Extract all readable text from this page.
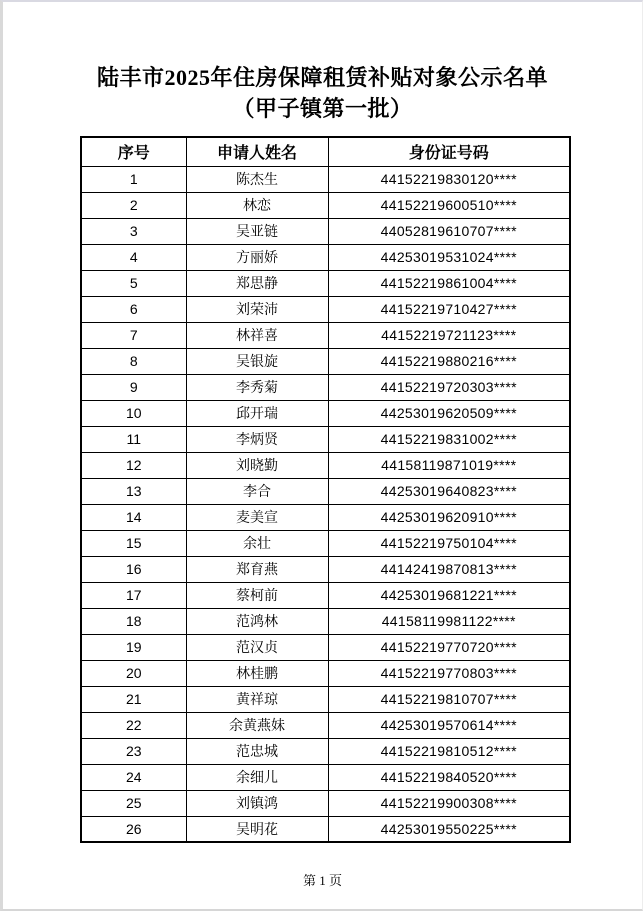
陆丰市2025年住房保障租赁补贴对象公示名单
（甲子镇第一批）
序号	申请人姓名	身份证号码
1	陈杰生	44152219830120****
2	林恋	44152219600510****
3	吴亚链	44052819610707****
4	方丽娇	44253019531024****
5	郑思静	44152219861004****
6	刘荣沛	44152219710427****
7	林祥喜	44152219721123****
8	吴银旋	44152219880216****
9	李秀菊	44152219720303****
10	邱开瑞	44253019620509****
11	李炳贤	44152219831002****
12	刘晓勤	44158119871019****
13	李合	44253019640823****
14	麦美宣	44253019620910****
15	余壮	44152219750104****
16	郑育燕	44142419870813****
17	蔡柯前	44253019681221****
18	范鸿林	44158119981122****
19	范汉贞	44152219770720****
20	林桂鹏	44152219770803****
21	黄祥琼	44152219810707****
22	余黄燕妹	44253019570614****
23	范忠城	44152219810512****
24	余细儿	44152219840520****
25	刘镇鸿	44152219900308****
26	吴明花	44253019550225****
第 1 页
